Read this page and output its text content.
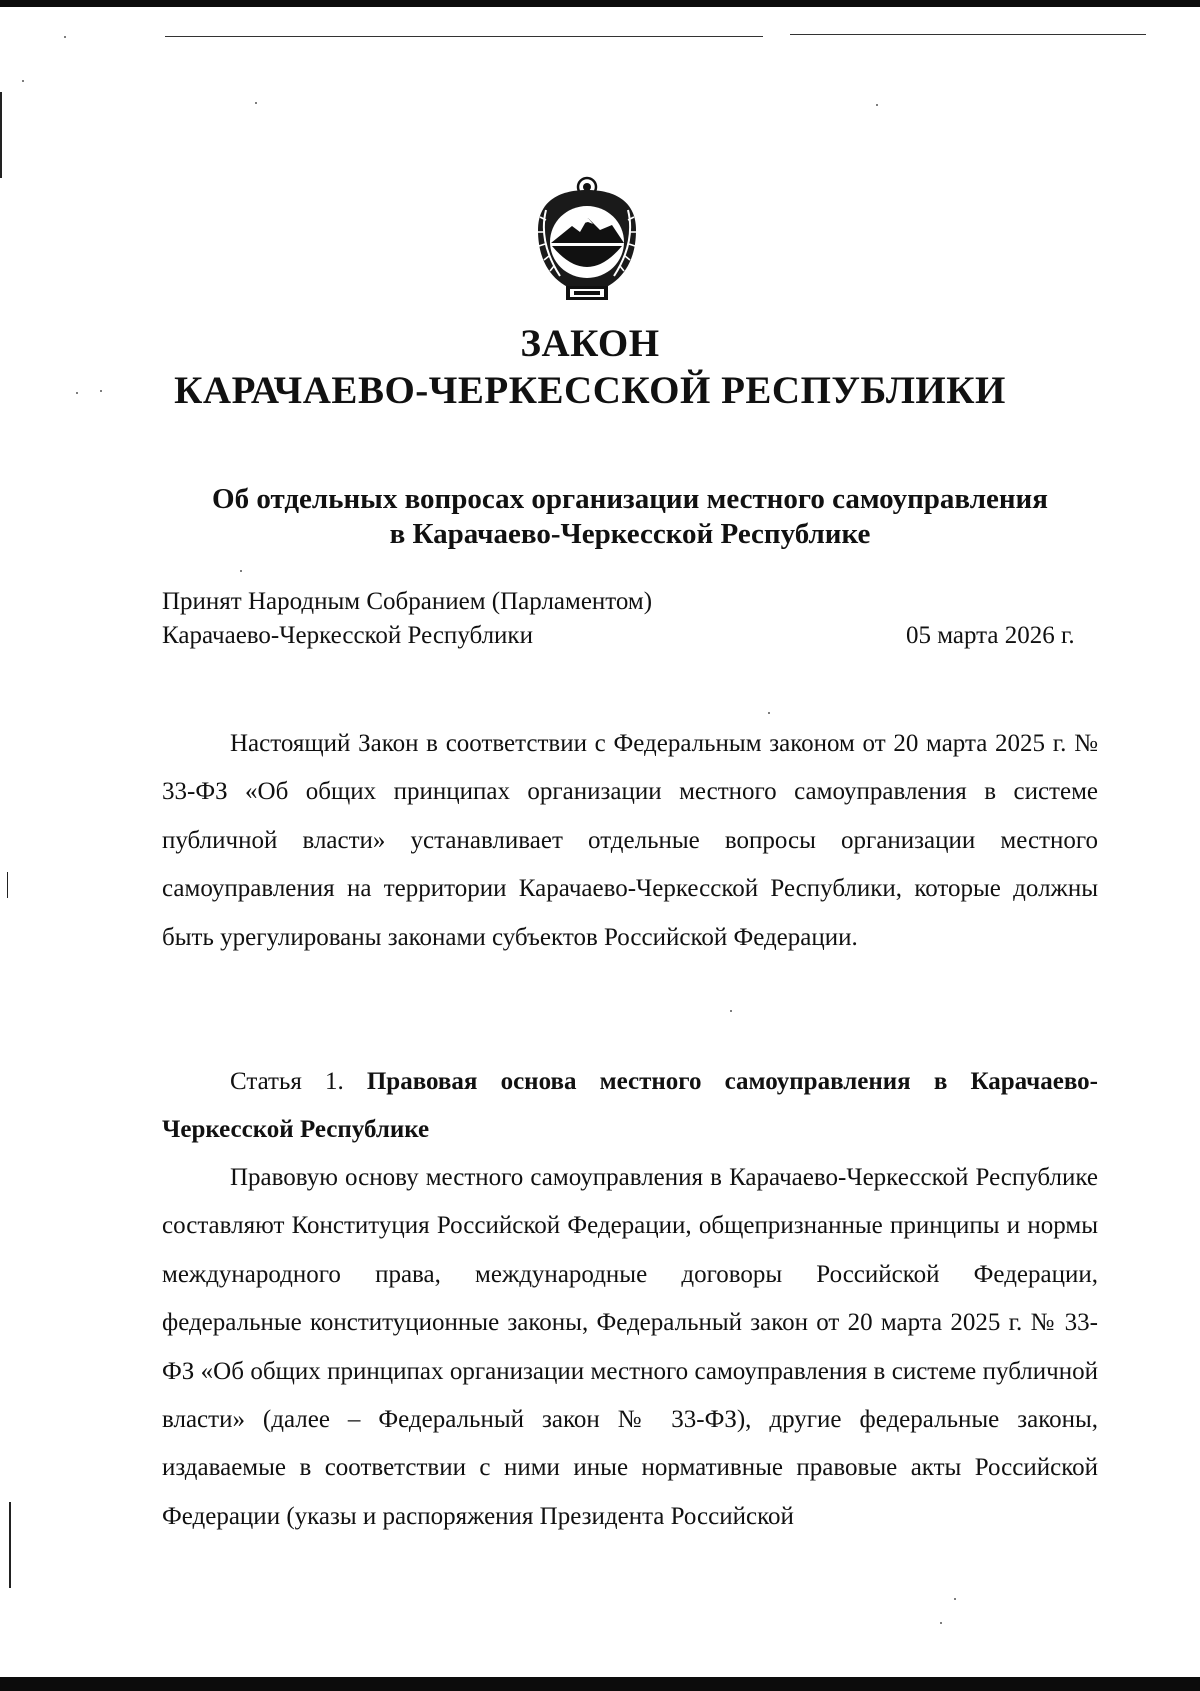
ЗАКОН
КАРАЧАЕВО-ЧЕРКЕССКОЙ РЕСПУБЛИКИ
Об отдельных вопросах организации местного самоуправления
в Карачаево-Черкесской Республике
Принят Народным Собранием (Парламентом)
Карачаево-Черкесской Республики	05 марта 2026 г.

Настоящий Закон в соответствии с Федеральным законом от 20 марта 2025 г. № 33-ФЗ «Об общих принципах организации местного самоуправления в системе публичной власти» устанавливает отдельные вопросы организации местного самоуправления на территории Карачаево-Черкесской Республики, которые должны быть урегулированы законами субъектов Российской Федерации.

Статья 1. Правовая основа местного самоуправления в Карачаево-Черкесской Республике

Правовую основу местного самоуправления в Карачаево-Черкесской Республике составляют Конституция Российской Федерации, общепризнанные принципы и нормы международного права, международные договоры Российской Федерации, федеральные конституционные законы, Федеральный закон от 20 марта 2025 г. № 33-ФЗ «Об общих принципах организации местного самоуправления в системе публичной власти» (далее – Федеральный закон № 33-ФЗ), другие федеральные законы, издаваемые в соответствии с ними иные нормативные правовые акты Российской Федерации (указы и распоряжения Президента Российской
